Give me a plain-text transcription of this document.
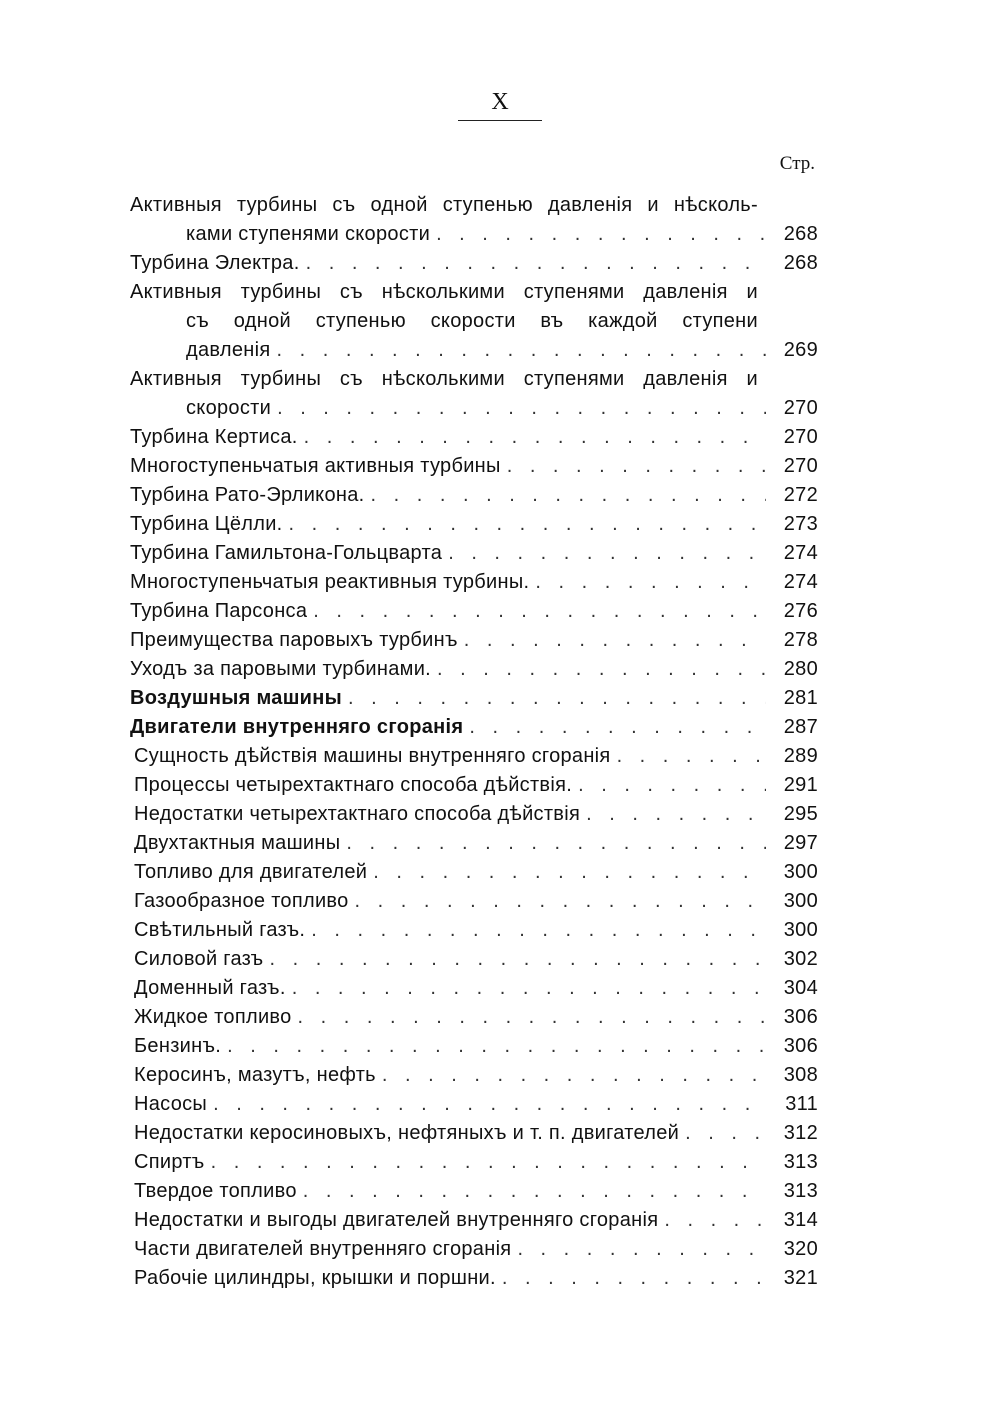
X
Стр.
Активныя турбины съ одной ступенью давленія и нѣсколь-
ками ступенями скорости . . .	268
Турбина Электра. . . .	268
Активныя турбины съ нѣсколькими ступенями давленія и
съ одной ступенью скорости въ каждой ступени
давленія . . .	269
Активныя турбины съ нѣсколькими ступенями давленія и
скорости . . .	270
Турбина Кертиса. . . .	270
Многоступеньчатыя активныя турбины . . .	270
Турбина Рато-Эрликона. . . .	272
Турбина Цёлли. . . .	273
Турбина Гамильтона-Гольцварта . . .	274
Многоступеньчатыя реактивныя турбины. . . .	274
Турбина Парсонса . . .	276
Преимущества паровыхъ турбинъ . . .	278
Уходъ за паровыми турбинами. . . .	280
Воздушныя машины . . .	281
Двигатели внутренняго сгоранія . . .	287
Сущность дѣйствія машины внутренняго сгоранія . . .	289
Процессы четырехтактнаго способа дѣйствія. . . .	291
Недостатки четырехтактнаго способа дѣйствія . . .	295
Двухтактныя машины . . .	297
Топливо для двигателей . . .	300
Газообразное топливо . . .	300
Свѣтильный газъ. . . .	300
Силовой газъ . . .	302
Доменный газъ. . . .	304
Жидкое топливо . . .	306
Бензинъ. . . .	306
Керосинъ, мазутъ, нефть . . .	308
Насосы . . .	311
Недостатки керосиновыхъ, нефтяныхъ и т. п. двигателей . . .	312
Спиртъ . . .	313
Твердое топливо . . .	313
Недостатки и выгоды двигателей внутренняго сгоранія . . .	314
Части двигателей внутренняго сгоранія . . .	320
Рабочіе цилиндры, крышки и поршни. . . .	321
